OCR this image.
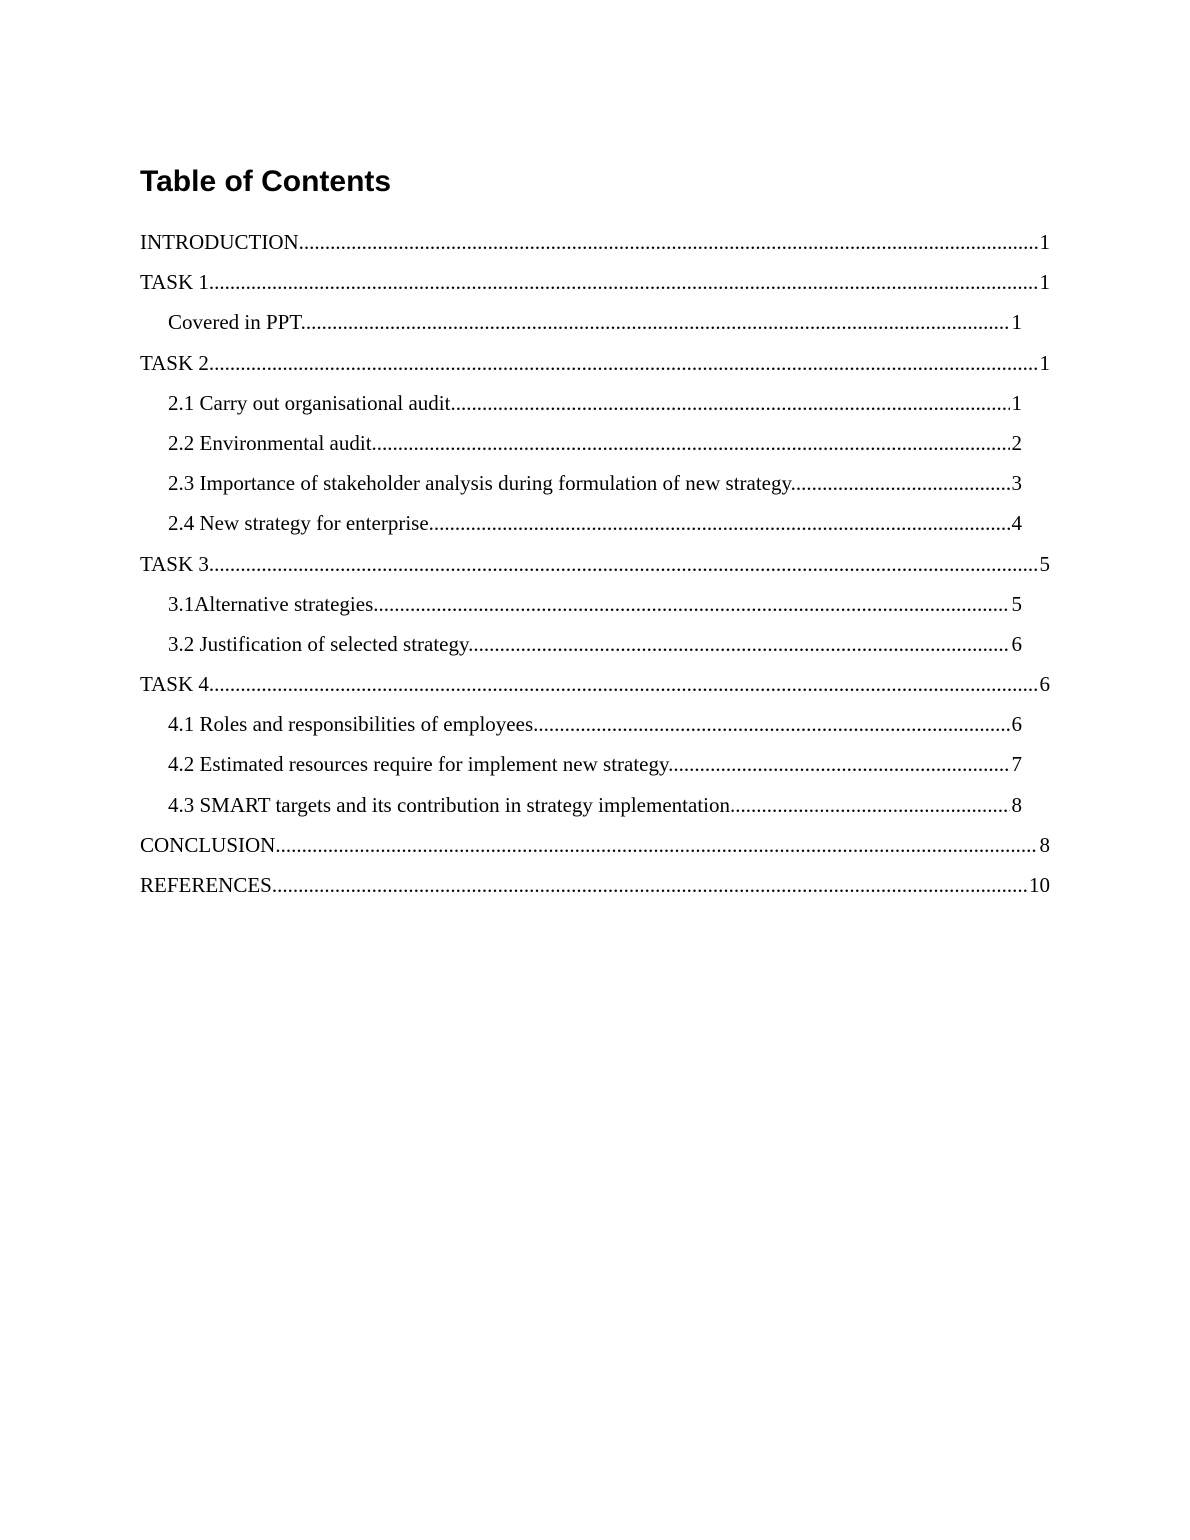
Table of Contents
INTRODUCTION .....	1
TASK 1 .....	1
Covered in PPT .....	1
TASK 2 .....	1
2.1 Carry out organisational audit .....	1
2.2 Environmental audit .....	2
2.3 Importance of stakeholder analysis during formulation of new strategy .....	3
2.4 New strategy for enterprise .....	4
TASK 3 .....	5
3.1Alternative strategies .....	5
3.2 Justification of selected strategy .....	6
TASK 4 .....	6
4.1 Roles and responsibilities of employees .....	6
4.2 Estimated resources require for implement new strategy .....	7
4.3 SMART targets and its contribution in strategy implementation .....	8
CONCLUSION .....	8
REFERENCES .....	10
